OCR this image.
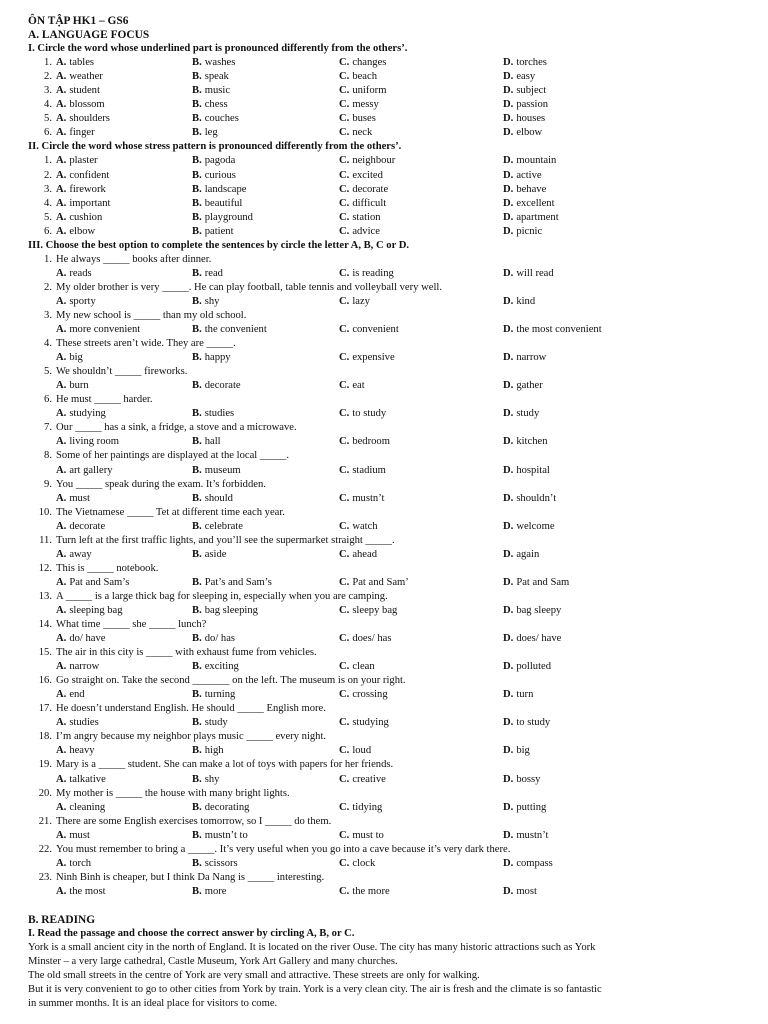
ÔN TẬP HK1 – GS6
A. LANGUAGE FOCUS
I. Circle the word whose underlined part is pronounced differently from the others’.
1. A. tables	B. washes	C. changes	D. torches
2. A. weather	B. speak	C. beach	D. easy
3. A. student	B. music	C. uniform	D. subject
4. A. blossom	B. chess	C. messy	D. passion
5. A. shoulders	B. couches	C. buses	D. houses
6. A. finger	B. leg	C. neck	D. elbow
II. Circle the word whose stress pattern is pronounced differently from the others’.
1. A. plaster	B. pagoda	C. neighbour	D. mountain
2. A. confident	B. curious	C. excited	D. active
3. A. firework	B. landscape	C. decorate	D. behave
4. A. important	B. beautiful	C. difficult	D. excellent
5. A. cushion	B. playground	C. station	D. apartment
6. A. elbow	B. patient	C. advice	D. picnic
III. Choose the best option to complete the sentences by circle the letter A, B, C or D.
1. He always _____ books after dinner.
A. reads	B. read	C. is reading	D. will read
2. My older brother is very _____. He can play football, table tennis and volleyball very well.
A. sporty	B. shy	C. lazy	D. kind
3. My new school is _____ than my old school.
A. more convenient	B. the convenient	C. convenient	D. the most convenient
4. These streets aren’t wide. They are _____.
A. big	B. happy	C. expensive	D. narrow
5. We shouldn’t _____ fireworks.
A. burn	B. decorate	C. eat	D. gather
6. He must _____ harder.
A. studying	B. studies	C. to study	D. study
7. Our _____ has a sink, a fridge, a stove and a microwave.
A. living room	B. hall	C. bedroom	D. kitchen
8. Some of her paintings are displayed at the local _____.
A. art gallery	B. museum	C. stadium	D. hospital
9. You _____ speak during the exam. It’s forbidden.
A. must	B. should	C. mustn’t	D. shouldn’t
10. The Vietnamese _____ Tet at different time each year.
A. decorate	B. celebrate	C. watch	D. welcome
11. Turn left at the first traffic lights, and you’ll see the supermarket straight _____.
A. away	B. aside	C. ahead	D. again
12. This is _____ notebook.
A. Pat and Sam’s	B. Pat’s and Sam’s	C. Pat and Sam’	D. Pat and Sam
13. A _____ is a large thick bag for sleeping in, especially when you are camping.
A. sleeping bag	B. bag sleeping	C. sleepy bag	D. bag sleepy
14. What time _____ she _____ lunch?
A. do/ have	B. do/ has	C. does/ has	D. does/ have
15. The air in this city is _____ with exhaust fume from vehicles.
A. narrow	B. exciting	C. clean	D. polluted
16. Go straight on. Take the second _______ on the left. The museum is on your right.
A. end	B. turning	C. crossing	D. turn
17. He doesn’t understand English. He should _____ English more.
A. studies	B. study	C. studying	D. to study
18. I’m angry because my neighbor plays music _____ every night.
A. heavy	B. high	C. loud	D. big
19. Mary is a _____ student. She can make a lot of toys with papers for her friends.
A. talkative	B. shy	C. creative	D. bossy
20. My mother is _____ the house with many bright lights.
A. cleaning	B. decorating	C. tidying	D. putting
21. There are some English exercises tomorrow, so I _____ do them.
A. must	B. mustn’t to	C. must to	D. mustn’t
22. You must remember to bring a _____. It’s very useful when you go into a cave because it’s very dark there.
A. torch	B. scissors	C. clock	D. compass
23. Ninh Binh is cheaper, but I think Da Nang is _____ interesting.
A. the most	B. more	C. the more	D. most
B. READING
I. Read the passage and choose the correct answer by circling A, B, or C.
York is a small ancient city in the north of England. It is located on the river Ouse. The city has many historic attractions such as York
Minster – a very large cathedral, Castle Museum, York Art Gallery and many churches.
The old small streets in the centre of York are very small and attractive. These streets are only for walking.
But it is very convenient to go to other cities from York by train. York is a very clean city. The air is fresh and the climate is so fantastic
in summer months. It is an ideal place for visitors to come.
